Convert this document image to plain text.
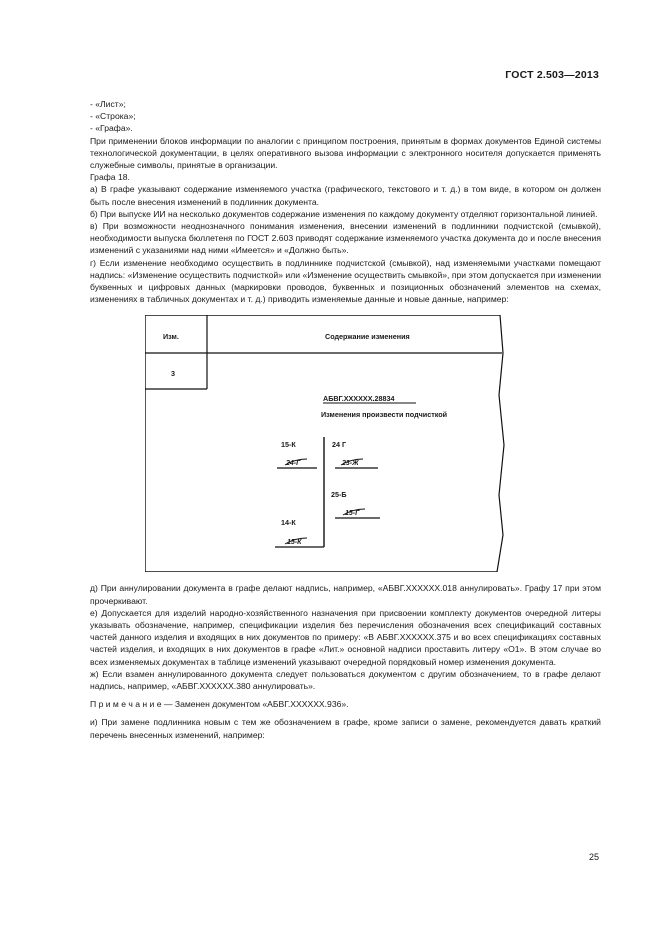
ГОСТ 2.503—2013

- «Лист»;

- «Строка»;

- «Графа».

При применении блоков информации по аналогии с принципом построения, принятым в формах документов Единой системы технологической документации, в целях оперативного вызова информации с электронного носителя допускается применять служебные символы, принятые в организации.

Графа 18.

а) В графе указывают содержание изменяемого участка (графического, текстового и т. д.) в том виде, в котором он должен быть после внесения изменений в подлинник документа.

б) При выпуске ИИ на несколько документов содержание изменения по каждому документу отделяют горизонтальной линией.

в) При возможности неоднозначного понимания изменения, внесении изменений в подлинники подчистской (смывкой), необходимости выпуска бюллетеня по ГОСТ 2.603 приводят содержание изменяемого участка документа до и после внесения изменений с указаниями над ними «Имеется» и «Должно быть».

г) Если изменение необходимо осуществить в подлиннике подчистской (смывкой), над изменяемыми участками помещают надпись: «Изменение осуществить подчисткой» или «Изменение осуществить смывкой», при этом допускается при изменении буквенных и цифровых данных (маркировки проводов, буквенных и позиционных обозначений элементов на схемах, изменениях в табличных документах и т. д.) приводить изменяемые данные и новые данные, например:

Изм.	Содержание изменения
3
АБВГ.ХХХХХХ.28834
Изменения произвести подчисткой
15-К
24-Г
24 Г
23-Ж
25-Б
15-Г
14-К
15-К

д) При аннулировании документа в графе делают надпись, например, «АБВГ.ХХХХХХ.018 аннулировать». Графу 17 при этом прочеркивают.

е) Допускается для изделий народно-хозяйственного назначения при присвоении комплекту документов очередной литеры указывать обозначение, например, спецификации изделия без перечисления обозначения всех спецификаций составных частей данного изделия и входящих в них документов по примеру: «В АБВГ.ХХХХХХ.375 и во всех спецификациях составных частей изделия, и входящих в них документов в графе «Лит.» основной надписи проставить литеру «О1». В этом случае во всех изменяемых документах в таблице изменений указывают очередной порядковый номер изменения документа.

ж) Если взамен аннулированного документа следует пользоваться документом с другим обозначением, то в графе делают надпись, например, «АБВГ.ХХХХХХ.380 аннулировать».

П р и м е ч а н и е — Заменен документом «АБВГ.ХХХХХХ.936».

и) При замене подлинника новым с тем же обозначением в графе, кроме записи о замене, рекомендуется давать краткий перечень внесенных изменений, например:

25
